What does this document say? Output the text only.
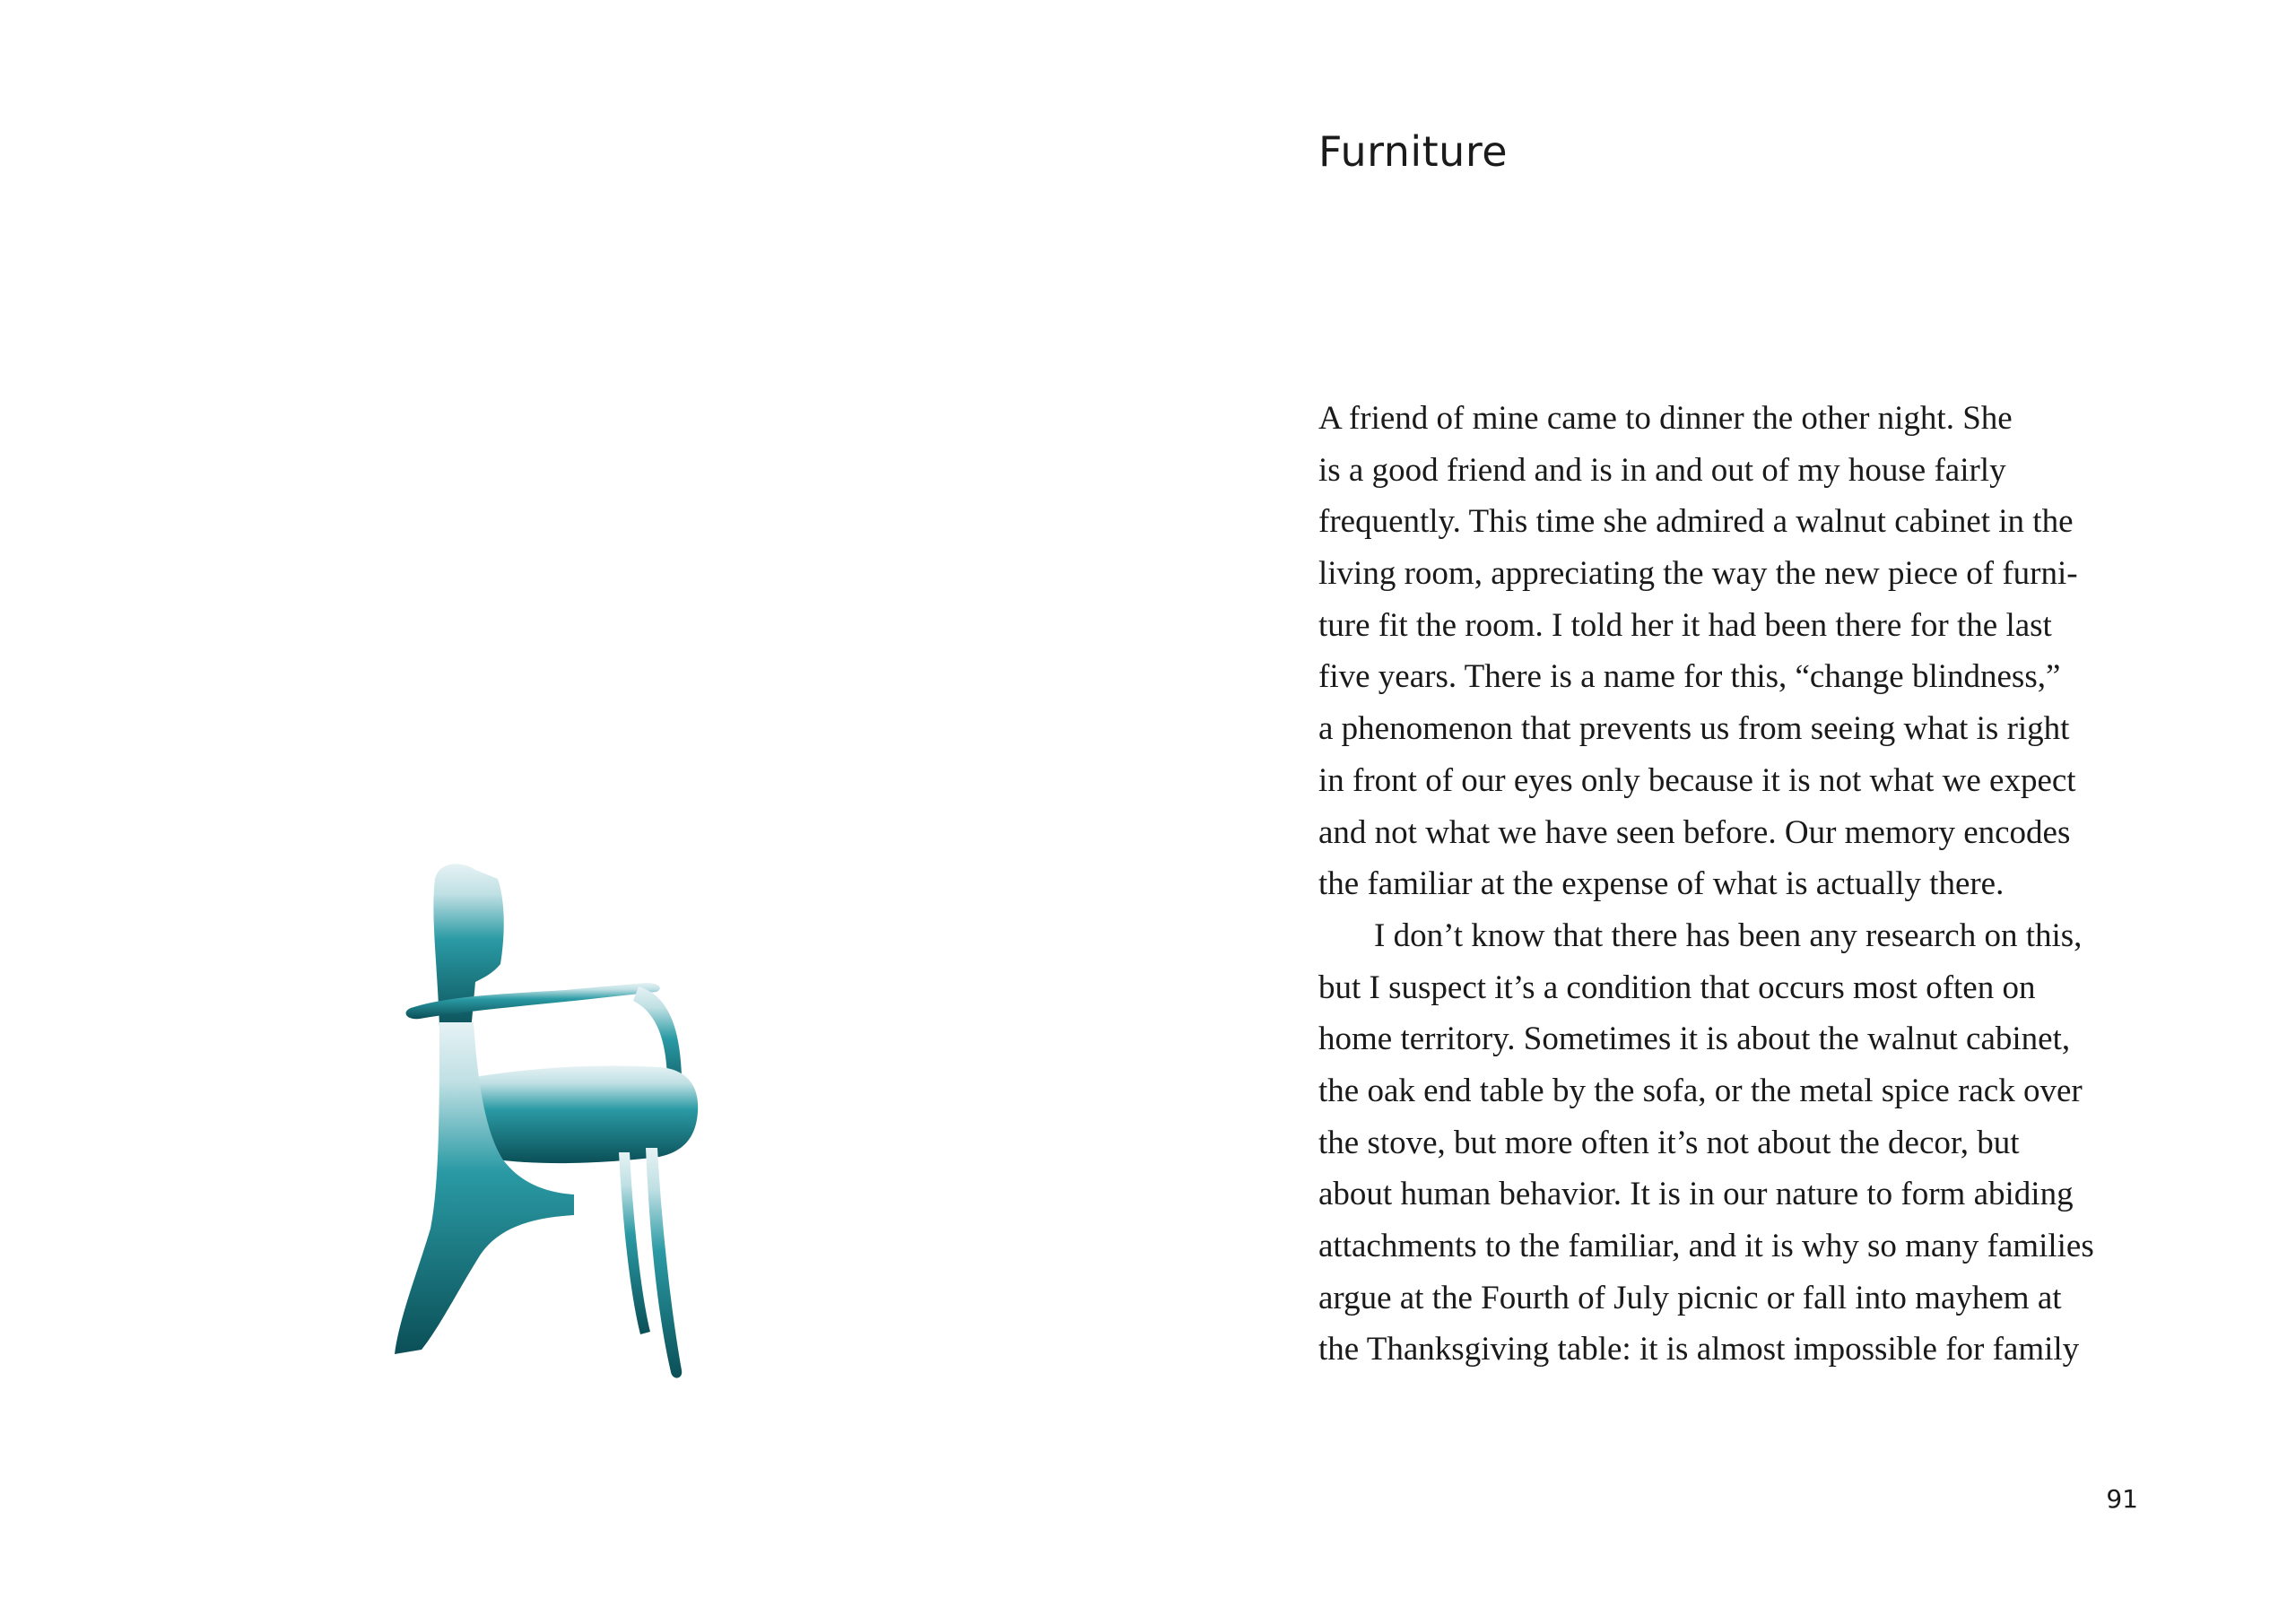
Furniture
A friend of mine came to dinner the other night. She
is a good friend and is in and out of my house fairly
frequently. This time she admired a walnut cabinet in the
living room, appreciating the way the new piece of furni-
ture fit the room. I told her it had been there for the last
five years. There is a name for this, “change blindness,”
a phenomenon that prevents us from seeing what is right
in front of our eyes only because it is not what we expect
and not what we have seen before. Our memory encodes
the familiar at the expense of what is actually there.
I don’t know that there has been any research on this,
but I suspect it’s a condition that occurs most often on
home territory. Sometimes it is about the walnut cabinet,
the oak end table by the sofa, or the metal spice rack over
the stove, but more often it’s not about the decor, but
about human behavior. It is in our nature to form abiding
attachments to the familiar, and it is why so many families
argue at the Fourth of July picnic or fall into mayhem at
the Thanksgiving table: it is almost impossible for family
91
